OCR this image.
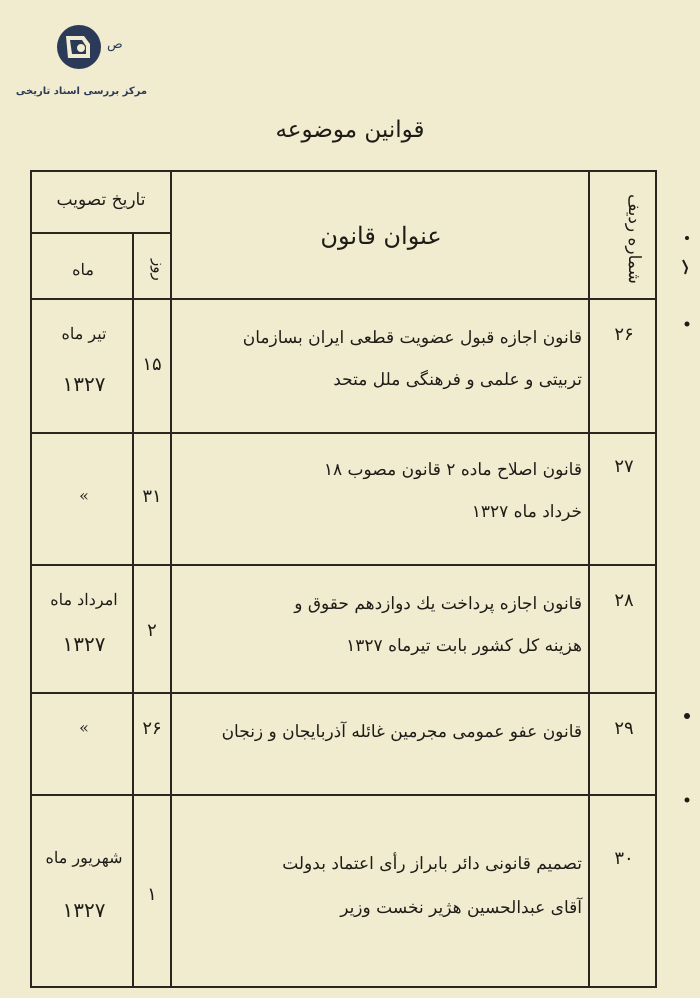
ص
مرکز بررسی اسناد تاریخی
قوانین موضوعه
شماره ردیف
عنوان قانون
تاریخ تصویب
ماه	روز
۲۶
قانون اجازه قبول عضویت قطعی ایران بسازمان
تربیتی و علمی و فرهنگی ملل متحد
۱۵
تیر ماه
۱۳۲۷
۲۷
قانون اصلاح ماده ۲ قانون مصوب ۱۸
خرداد ماه ۱۳۲۷
۳۱
»
۲۸
قانون اجازه پرداخت یك دوازدهم حقوق و
هزینه کل کشور بابت تیرماه ۱۳۲۷
۲
امرداد ماه
۱۳۲۷
۲۹
قانون عفو عمومی مجرمین غائله آذربایجان و زنجان
۲۶
»
۳۰
تصمیم قانونی دائر بابراز رأی اعتماد بدولت
آقای عبدالحسین هژیر نخست وزیر
۱
شهریور ماه
۱۳۲۷
